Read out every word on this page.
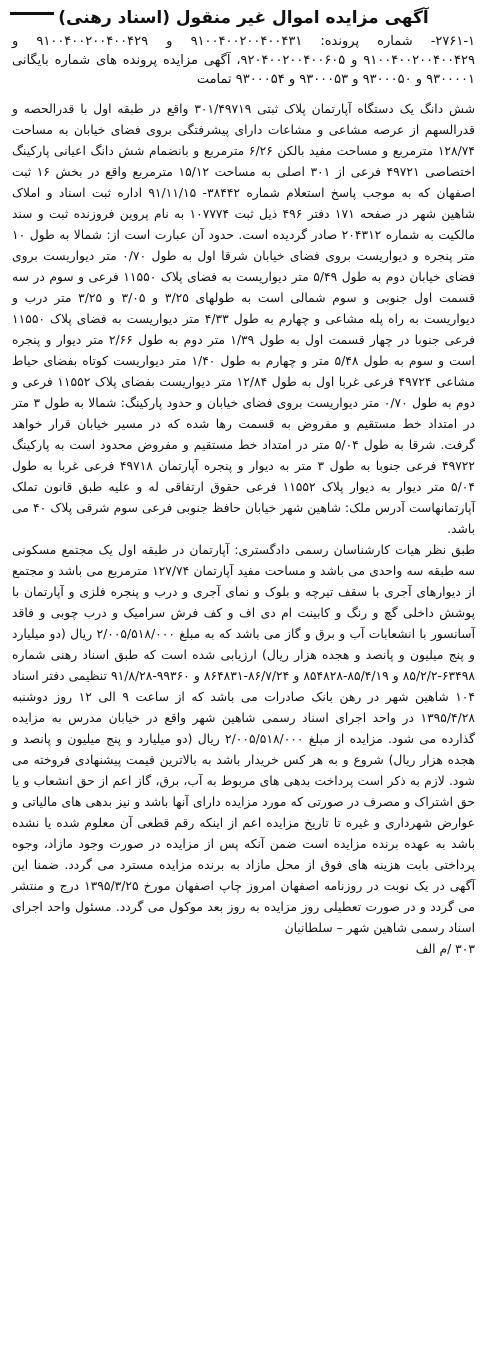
آگهی مزایده اموال غیر منقول (اسناد رهنی)

۲۷۶۱-۱- شماره پرونده: ۹۱۰۰۴۰۰۲۰۰۴۰۰۴۳۱ و ۹۱۰۰۴۰۰۲۰۰۴۰۰۴۲۹ و ۹۱۰۰۴۰۰۲۰۰۴۰۰۴۲۹ و ۹۲۰۴۰۰۲۰۰۴۰۰۶۰۵، آگهی مزایده پرونده های شماره بایگانی ۹۳۰۰۰۰۱ و ۹۳۰۰۰۵۰ و ۹۳۰۰۰۵۳ و ۹۳۰۰۰۵۴ تمامت

شش دانگ یک دستگاه آپارتمان پلاک ثبتی ۳۰۱/۴۹۷۱۹ واقع در طبقه اول با قدرالحصه و قدرالسهم از عرصه مشاعی و مشاعات دارای پیشرفتگی بروی فضای خیابان به مساحت ۱۲۸/۷۴ مترمربع و مساحت مفید بالکن ۶/۲۶ مترمربع و بانضمام شش دانگ اعیانی پارکینگ اختصاصی ۴۹۷۲۱ فرعی از ۳۰۱ اصلی به مساحت ۱۵/۱۲ مترمربع واقع در بخش ۱۶ ثبت اصفهان که به موجب پاسخ استعلام شماره ۳۸۴۴۲- ۹۱/۱۱/۱۵ اداره ثبت اسناد و املاک شاهین شهر در صفحه ۱۷۱ دفتر ۴۹۶ ذیل ثبت ۱۰۷۷۷۴ به نام پروین فروزنده ثبت و سند مالکیت به شماره ۲۰۴۳۱۲ صادر گردیده است. حدود آن عبارت است از: شمالا به طول ۱۰ متر پنجره و دیواریست بروی فضای خیابان شرقا اول به طول ۰/۷۰ متر دیواریست بروی فضای خیابان دوم به طول ۵/۴۹ متر دیواریست به فضای پلاک ۱۱۵۵۰ فرعی و سوم در سه قسمت اول جنوبی و سوم شمالی است به طولهای ۳/۲۵ و ۳/۰۵ و ۳/۲۵ متر درب و دیواریست به راه پله مشاعی و چهارم به طول ۴/۳۳ متر دیواریست به فضای پلاک ۱۱۵۵۰ فرعی جنوبا در چهار قسمت اول به طول ۱/۳۹ متر دوم به طول ۲/۶۶ متر دیوار و پنجره است و سوم به طول ۵/۴۸ متر و چهارم به طول ۱/۴۰ متر دیواریست کوتاه بفضای حیاط مشاعی ۴۹۷۲۴ فرعی غربا اول به طول ۱۲/۸۴ متر دیواریست بفضای پلاک ۱۱۵۵۲ فرعی و دوم به طول ۰/۷۰ متر دیواریست بروی فضای خیابان و حدود پارکینگ: شمالا به طول ۳ متر در امتداد خط مستقیم و مفروض به قسمت رها شده که در مسیر خیابان قرار خواهد گرفت. شرقا به طول ۵/۰۴ متر در امتداد خط مستقیم و مفروض محدود است به پارکینگ ۴۹۷۲۲ فرعی جنوبا به طول ۳ متر به دیوار و پنجره آپارتمان ۴۹۷۱۸ فرعی غربا به طول ۵/۰۴ متر دیوار به دیوار پلاک ۱۱۵۵۲ فرعی حقوق ارتفاقی له و علیه طبق قانون تملک آپارتمانهاست آدرس ملک: شاهین شهر خیابان حافظ جنوبی فرعی سوم شرقی پلاک ۴۰ می باشد.

طبق نظر هیات کارشناسان رسمی دادگستری: آپارتمان در طبقه اول یک مجتمع مسکونی سه طبقه سه واحدی می باشد و مساحت مفید آپارتمان ۱۲۷/۷۴ مترمربع می باشد و مجتمع از دیوارهای آجری با سقف تیرچه و بلوک و نمای آجری و درب و پنجره فلزی و آپارتمان با پوشش داخلی گچ و رنگ و کابینت ام دی اف و کف فرش سرامیک و درب چوبی و فاقد آسانسور با انشعابات آب و برق و گاز می باشد که به مبلغ ۲/۰۰۵/۵۱۸/۰۰۰ ریال (دو میلیارد و پنج میلیون و پانصد و هجده هزار ریال) ارزیابی شده است که طبق اسناد رهنی شماره ۶۳۴۹۸-۸۵/۲/۲ و ۸۵/۴/۱۹-۸۵۴۸۲۸ و ۸۶/۷/۲۴-۸۶۴۸۳۱ و ۹۹۳۶۰-۹۱/۸/۲۸ تنظیمی دفتر اسناد ۱۰۴ شاهین شهر در رهن بانک صادرات می باشد که از ساعت ۹ الی ۱۲ روز دوشنبه ۱۳۹۵/۴/۲۸ در واحد اجرای اسناد رسمی شاهین شهر واقع در خیابان مدرس به مزایده گذارده می شود. مزایده از مبلغ ۲/۰۰۵/۵۱۸/۰۰۰ ریال (دو میلیارد و پنج میلیون و پانصد و هجده هزار ریال) شروع و به هر کس خریدار باشد به بالاترین قیمت پیشنهادی فروخته می شود. لازم به ذکر است پرداخت بدهی های مربوط به آب، برق، گاز اعم از حق انشعاب و یا حق اشتراک و مصرف در صورتی که مورد مزایده دارای آنها باشد و نیز بدهی های مالیاتی و عوارض شهرداری و غیره تا تاریخ مزایده اعم از اینکه رقم قطعی آن معلوم شده یا نشده باشد به عهده برنده مزایده است ضمن آنکه پس از مزایده در صورت وجود مازاد، وجوه پرداختی بابت هزینه های فوق از محل مازاد به برنده مزایده مسترد می گردد. ضمنا این آگهی در یک نوبت در روزنامه اصفهان امروز چاپ اصفهان مورخ ۱۳۹۵/۳/۲۵ درج و منتشر می گردد و در صورت تعطیلی روز مزایده به روز بعد موکول می گردد. مسئول واحد اجرای اسناد رسمی شاهین شهر – سلطانیان

۳۰۳ /م الف
